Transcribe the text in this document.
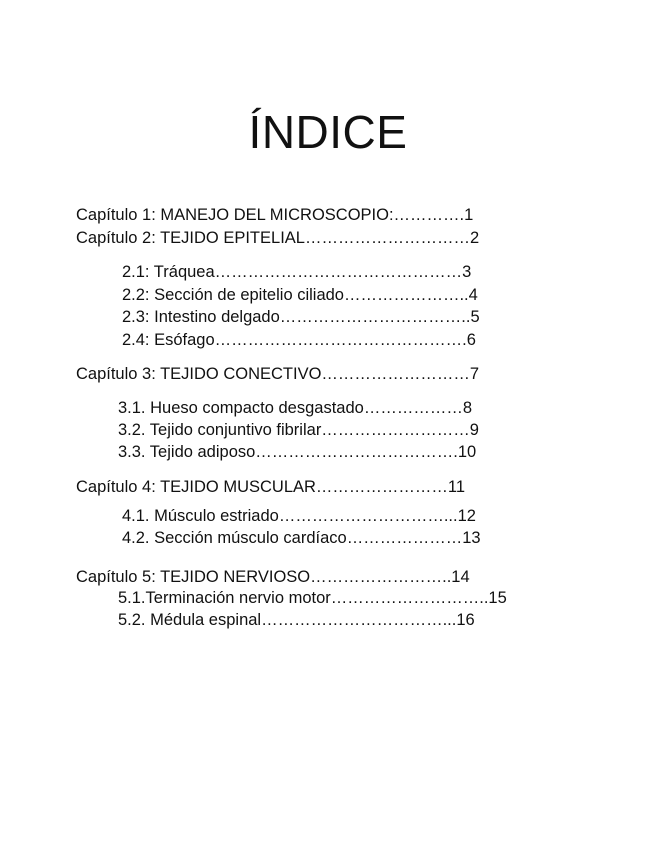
ÍNDICE

Capítulo 1: MANEJO DEL MICROSCOPIO:………….1

Capítulo 2: TEJIDO EPITELIAL…………………………2

2.1: Tráquea………………………………………3

2.2: Sección de epitelio ciliado…………………..4

2.3: Intestino delgado……………………………..5

2.4: Esófago……………………………………….6

Capítulo 3: TEJIDO CONECTIVO………………………7

3.1. Hueso compacto desgastado………………8

3.2. Tejido conjuntivo fibrilar………………………9

3.3. Tejido adiposo……………………………….10

Capítulo 4: TEJIDO MUSCULAR……………………11

4.1. Músculo estriado…………………………...12

4.2. Sección músculo cardíaco…………………13

Capítulo 5: TEJIDO NERVIOSO……………………..14

5.1.Terminación nervio motor………………………..15

5.2. Médula espinal……………………………...16
